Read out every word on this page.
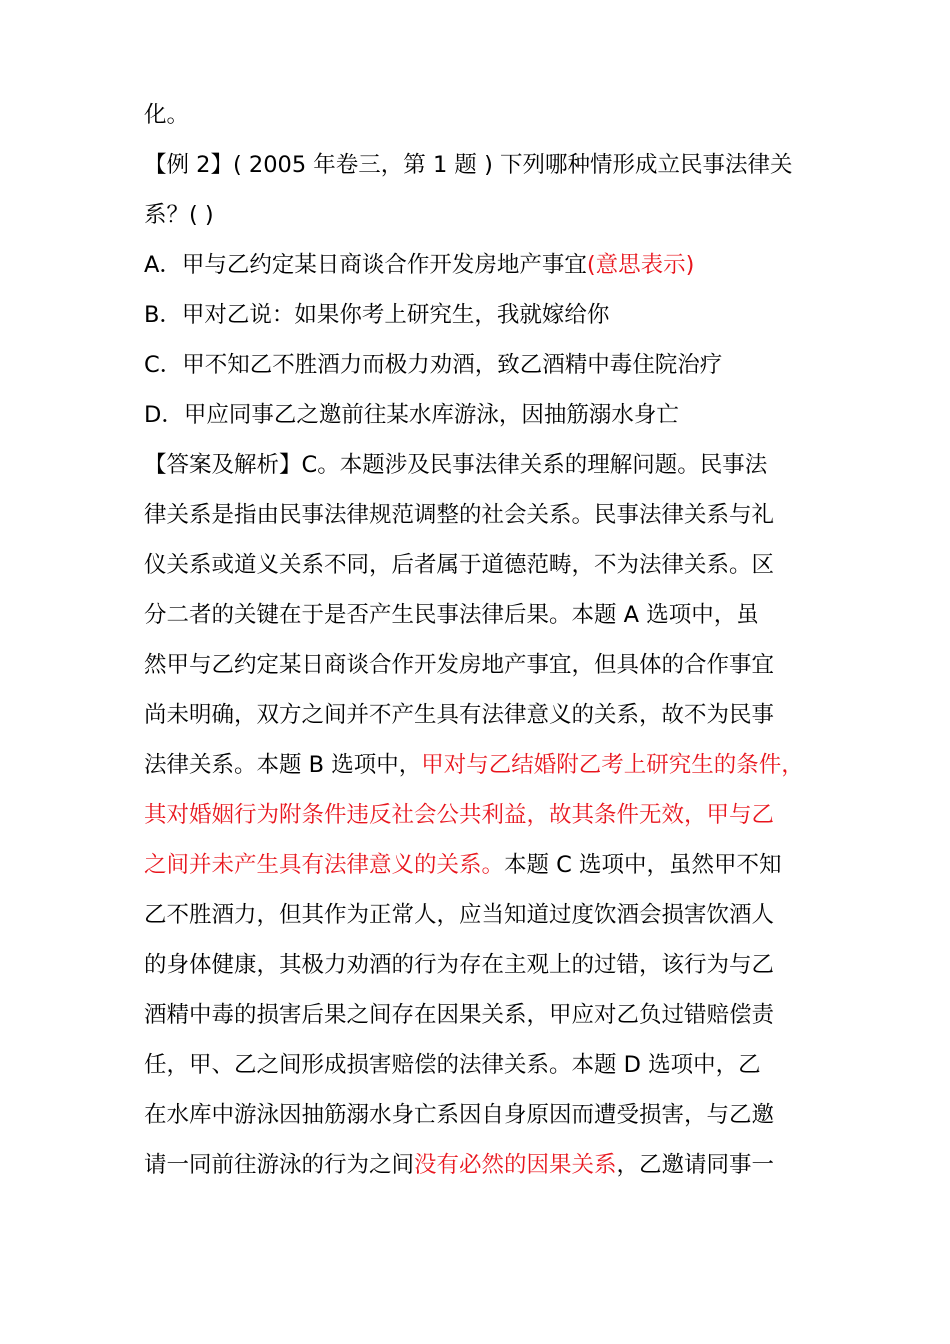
化。
【例 2】( 2005 年卷三，第 1 题 ) 下列哪种情形成立民事法律关
系？( )
A．甲与乙约定某日商谈合作开发房地产事宜(意思表示)
B．甲对乙说：如果你考上研究生，我就嫁给你
C．甲不知乙不胜酒力而极力劝酒，致乙酒精中毒住院治疗
D．甲应同事乙之邀前往某水库游泳，因抽筋溺水身亡
【答案及解析】C。本题涉及民事法律关系的理解问题。民事法
律关系是指由民事法律规范调整的社会关系。民事法律关系与礼
仪关系或道义关系不同，后者属于道德范畴，不为法律关系。区
分二者的关键在于是否产生民事法律后果。本题 A 选项中，虽
然甲与乙约定某日商谈合作开发房地产事宜，但具体的合作事宜
尚未明确，双方之间并不产生具有法律意义的关系，故不为民事
法律关系。本题 B 选项中，甲对与乙结婚附乙考上研究生的条件，
其对婚姻行为附条件违反社会公共利益，故其条件无效，甲与乙
之间并未产生具有法律意义的关系。本题 C 选项中，虽然甲不知
乙不胜酒力，但其作为正常人，应当知道过度饮酒会损害饮酒人
的身体健康，其极力劝酒的行为存在主观上的过错，该行为与乙
酒精中毒的损害后果之间存在因果关系，甲应对乙负过错赔偿责
任，甲、乙之间形成损害赔偿的法律关系。本题 D 选项中，乙
在水库中游泳因抽筋溺水身亡系因自身原因而遭受损害，与乙邀
请一同前往游泳的行为之间没有必然的因果关系，乙邀请同事一
